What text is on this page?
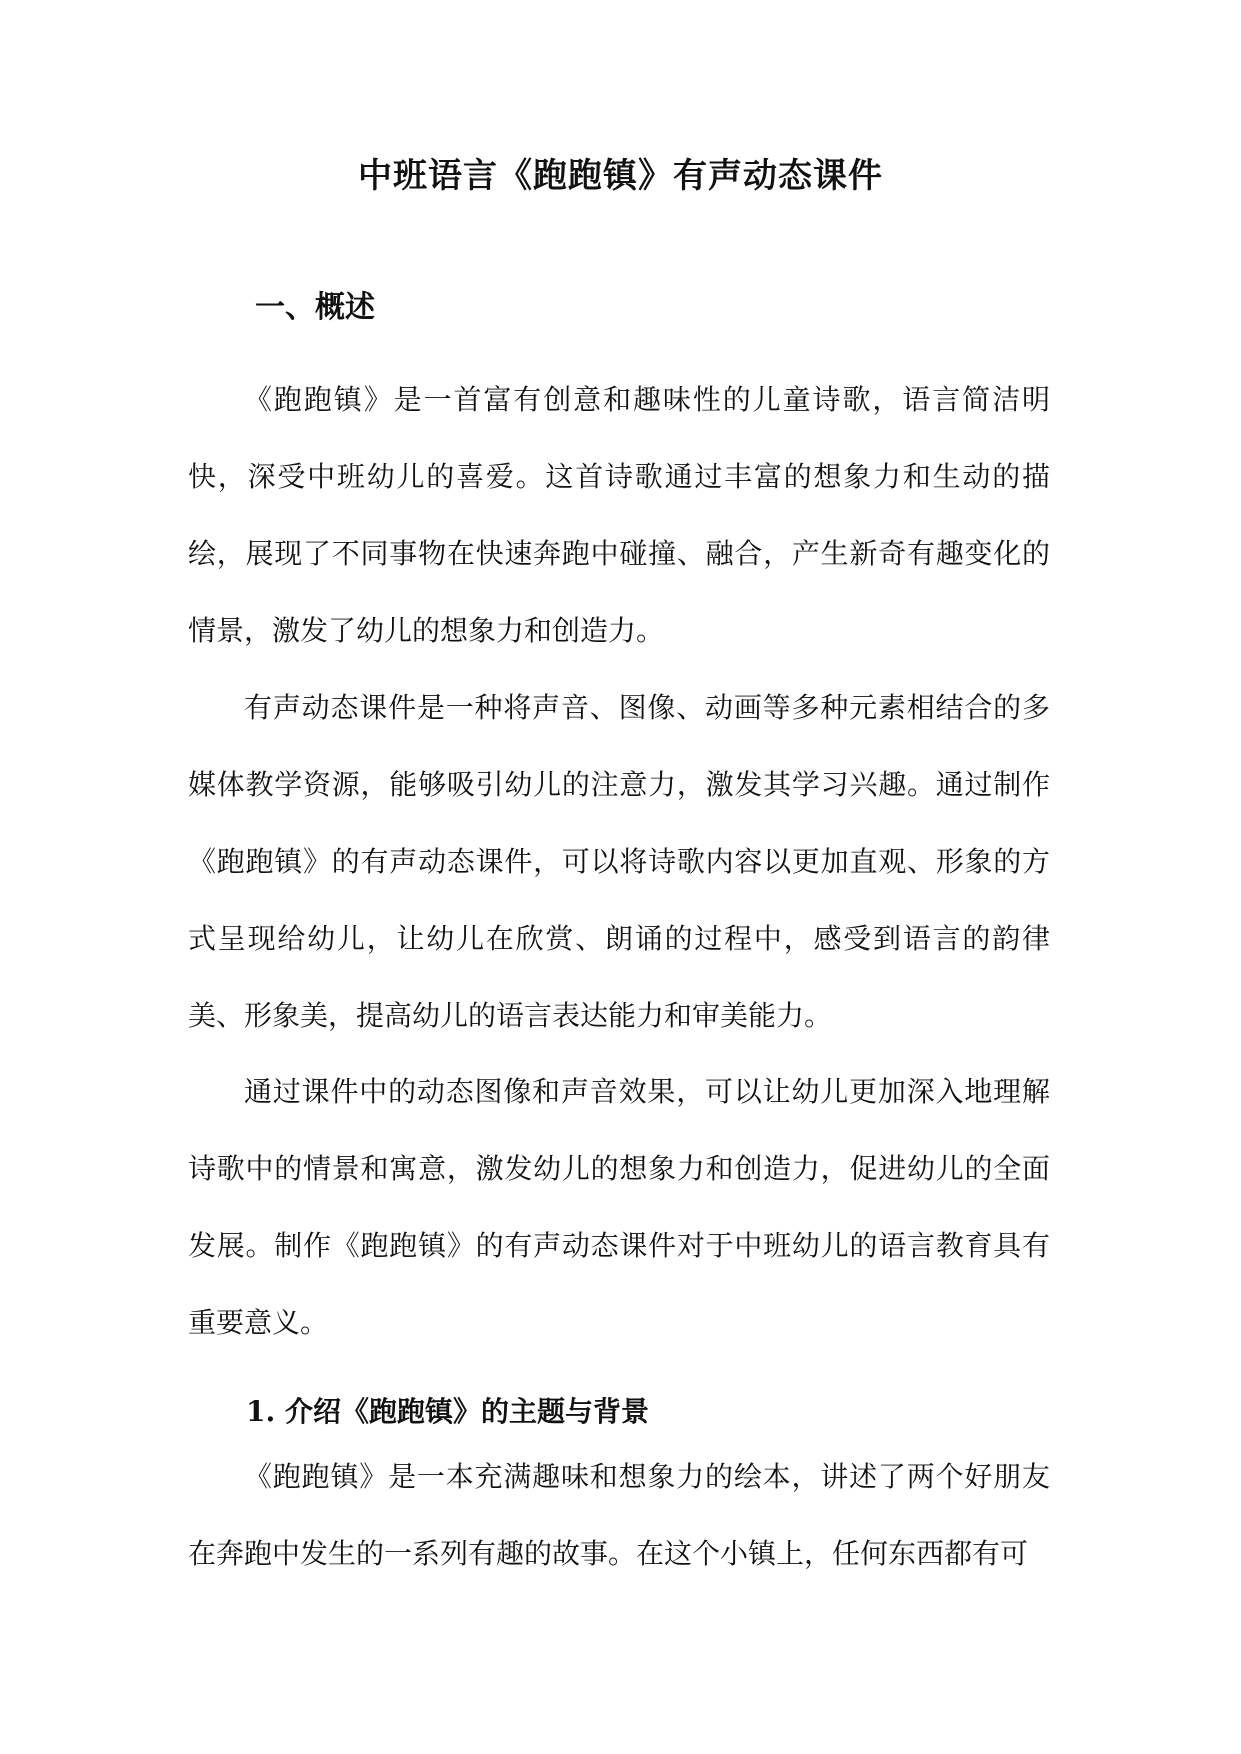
中班语言《跑跑镇》有声动态课件
一、概述
《跑跑镇》是一首富有创意和趣味性的儿童诗歌，语言简洁明快，深受中班幼儿的喜爱。这首诗歌通过丰富的想象力和生动的描绘，展现了不同事物在快速奔跑中碰撞、融合，产生新奇有趣变化的情景，激发了幼儿的想象力和创造力。
有声动态课件是一种将声音、图像、动画等多种元素相结合的多媒体教学资源，能够吸引幼儿的注意力，激发其学习兴趣。通过制作《跑跑镇》的有声动态课件，可以将诗歌内容以更加直观、形象的方式呈现给幼儿，让幼儿在欣赏、朗诵的过程中，感受到语言的韵律美、形象美，提高幼儿的语言表达能力和审美能力。
通过课件中的动态图像和声音效果，可以让幼儿更加深入地理解诗歌中的情景和寓意，激发幼儿的想象力和创造力，促进幼儿的全面发展。制作《跑跑镇》的有声动态课件对于中班幼儿的语言教育具有重要意义。
1. 介绍《跑跑镇》的主题与背景
《跑跑镇》是一本充满趣味和想象力的绘本，讲述了两个好朋友在奔跑中发生的一系列有趣的故事。在这个小镇上，任何东西都有可
